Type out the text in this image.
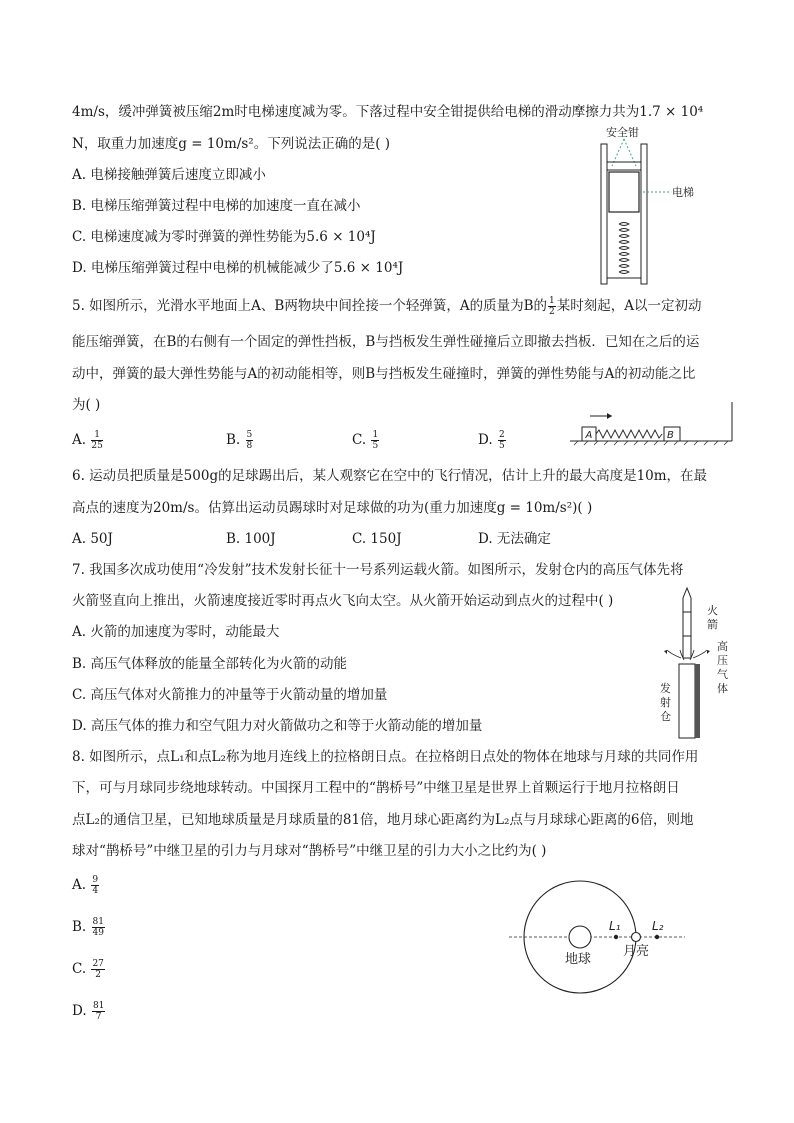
4m/s，缓冲弹簧被压缩2m时电梯速度减为零。下落过程中安全钳提供给电梯的滑动摩擦力共为1.7 × 10⁴
N，取重力加速度g = 10m/s²。下列说法正确的是( )
A. 电梯接触弹簧后速度立即减小
B. 电梯压缩弹簧过程中电梯的加速度一直在减小
C. 电梯速度减为零时弹簧的弹性势能为5.6 × 10⁴J
D. 电梯压缩弹簧过程中电梯的机械能减少了5.6 × 10⁴J
安全钳
电梯
5. 如图所示，光滑水平地面上A、B两物块中间拴接一个轻弹簧，A的质量为B的 $\frac{1}{2}$ 某时刻起，A以一定初动
能压缩弹簧，在B的右侧有一个固定的弹性挡板，B与挡板发生弹性碰撞后立即撤去挡板．已知在之后的运
动中，弹簧的最大弹性势能与A的初动能相等，则B与挡板发生碰撞时，弹簧的弹性势能与A的初动能之比
为( )
A. $\frac{1}{25}$	B. $\frac{5}{8}$	C. $\frac{1}{5}$	D. $\frac{2}{5}$	A	B
6. 运动员把质量是500g的足球踢出后，某人观察它在空中的飞行情况，估计上升的最大高度是10m，在最
高点的速度为20m/s。估算出运动员踢球时对足球做的功为(重力加速度g = 10m/s²)( )
A. 50J	B. 100J	C. 150J	D. 无法确定
7. 我国多次成功使用“冷发射”技术发射长征十一号系列运载火箭。如图所示，发射仓内的高压气体先将
火箭竖直向上推出，火箭速度接近零时再点火飞向太空。从火箭开始运动到点火的过程中( )
A. 火箭的加速度为零时，动能最大
B. 高压气体释放的能量全部转化为火箭的动能
C. 高压气体对火箭推力的冲量等于火箭动量的增加量
D. 高压气体的推力和空气阻力对火箭做功之和等于火箭动能的增加量
火
箭
高
压
气
体
发
射
仓
8. 如图所示，点L₁和点L₂称为地月连线上的拉格朗日点。在拉格朗日点处的物体在地球与月球的共同作用
下，可与月球同步绕地球转动。中国探月工程中的“鹊桥号”中继卫星是世界上首颗运行于地月拉格朗日
点L₂的通信卫星，已知地球质量是月球质量的81倍，地月球心距离约为L₂点与月球球心距离的6倍，则地
球对“鹊桥号”中继卫星的引力与月球对“鹊桥号”中继卫星的引力大小之比约为( )
A. $\frac{9}{4}$
B. $\frac{81}{49}$
C. $\frac{27}{2}$
D. $\frac{81}{7}$
地球
L₁
月亮
L₂
